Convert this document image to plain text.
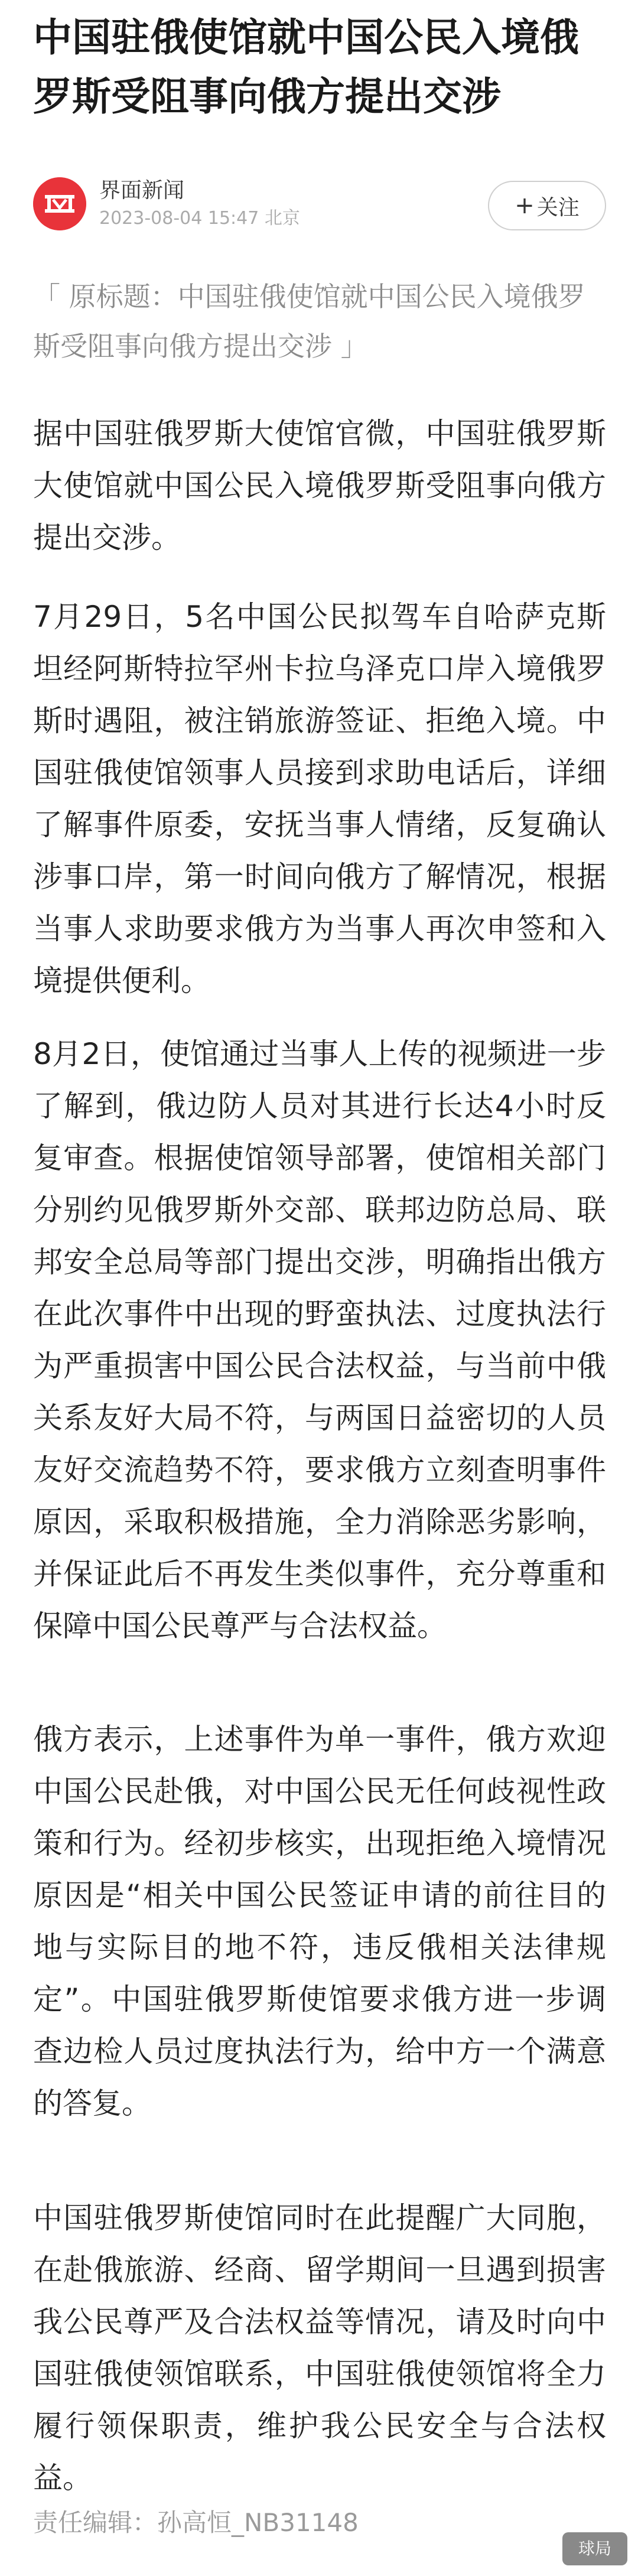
中国驻俄使馆就中国公民入境俄罗斯受阻事向俄方提出交涉
界面新闻
2023-08-04 15:47 北京	+ 关注

「 原标题：中国驻俄使馆就中国公民入境俄罗斯受阻事向俄方提出交涉 」

据中国驻俄罗斯大使馆官微，中国驻俄罗斯大使馆就中国公民入境俄罗斯受阻事向俄方提出交涉。

7月29日，5名中国公民拟驾车自哈萨克斯坦经阿斯特拉罕州卡拉乌泽克口岸入境俄罗斯时遇阻，被注销旅游签证、拒绝入境。中国驻俄使馆领事人员接到求助电话后，详细了解事件原委，安抚当事人情绪，反复确认涉事口岸，第一时间向俄方了解情况，根据当事人求助要求俄方为当事人再次申签和入境提供便利。

8月2日，使馆通过当事人上传的视频进一步了解到，俄边防人员对其进行长达4小时反复审查。根据使馆领导部署，使馆相关部门分别约见俄罗斯外交部、联邦边防总局、联邦安全总局等部门提出交涉，明确指出俄方在此次事件中出现的野蛮执法、过度执法行为严重损害中国公民合法权益，与当前中俄关系友好大局不符，与两国日益密切的人员友好交流趋势不符，要求俄方立刻查明事件原因，采取积极措施，全力消除恶劣影响，并保证此后不再发生类似事件，充分尊重和保障中国公民尊严与合法权益。

俄方表示，上述事件为单一事件，俄方欢迎中国公民赴俄，对中国公民无任何歧视性政策和行为。经初步核实，出现拒绝入境情况原因是“相关中国公民签证申请的前往目的地与实际目的地不符，违反俄相关法律规定”。中国驻俄罗斯使馆要求俄方进一步调查边检人员过度执法行为，给中方一个满意的答复。

中国驻俄罗斯使馆同时在此提醒广大同胞，在赴俄旅游、经商、留学期间一旦遇到损害我公民尊严及合法权益等情况，请及时向中国驻俄使领馆联系，中国驻俄使领馆将全力履行领保职责，维护我公民安全与合法权益。

责任编辑：孙高恒_NB31148
球局
